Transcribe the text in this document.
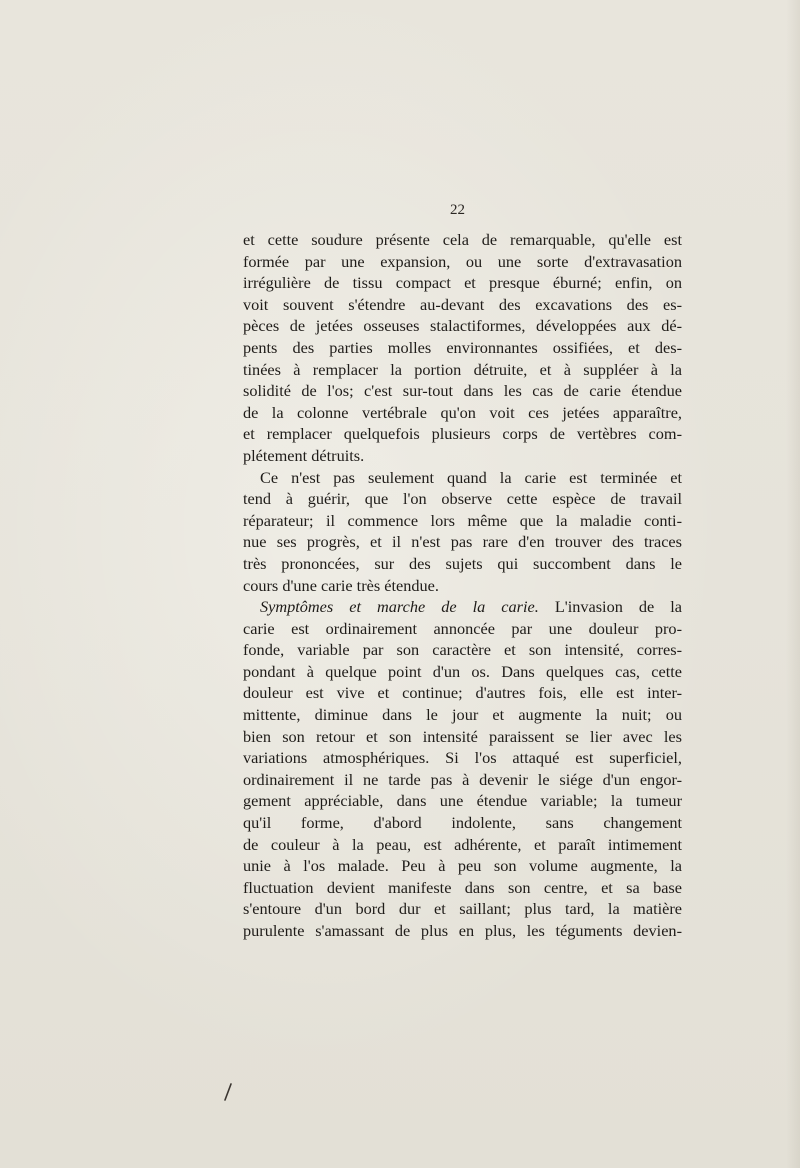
22

et cette soudure présente cela de remarquable, qu'elle est
formée par une expansion, ou une sorte d'extravasation
irrégulière de tissu compact et presque éburné; enfin, on
voit souvent s'étendre au-devant des excavations des es-
pèces de jetées osseuses stalactiformes, développées aux dé-
pents des parties molles environnantes ossifiées, et des-
tinées à remplacer la portion détruite, et à suppléer à la
solidité de l'os; c'est sur-tout dans les cas de carie étendue
de la colonne vertébrale qu'on voit ces jetées apparaître,
et remplacer quelquefois plusieurs corps de vertèbres com-
plétement détruits.
Ce n'est pas seulement quand la carie est terminée et
tend à guérir, que l'on observe cette espèce de travail
réparateur; il commence lors même que la maladie conti-
nue ses progrès, et il n'est pas rare d'en trouver des traces
très prononcées, sur des sujets qui succombent dans le
cours d'une carie très étendue.
Symptômes et marche de la carie. L'invasion de la
carie est ordinairement annoncée par une douleur pro-
fonde, variable par son caractère et son intensité, corres-
pondant à quelque point d'un os. Dans quelques cas, cette
douleur est vive et continue; d'autres fois, elle est inter-
mittente, diminue dans le jour et augmente la nuit; ou
bien son retour et son intensité paraissent se lier avec les
variations atmosphériques. Si l'os attaqué est superficiel,
ordinairement il ne tarde pas à devenir le siége d'un engor-
gement appréciable, dans une étendue variable; la tumeur
qu'il forme, d'abord indolente, sans changement
de couleur à la peau, est adhérente, et paraît intimement
unie à l'os malade. Peu à peu son volume augmente, la
fluctuation devient manifeste dans son centre, et sa base
s'entoure d'un bord dur et saillant; plus tard, la matière
purulente s'amassant de plus en plus, les téguments devien-
